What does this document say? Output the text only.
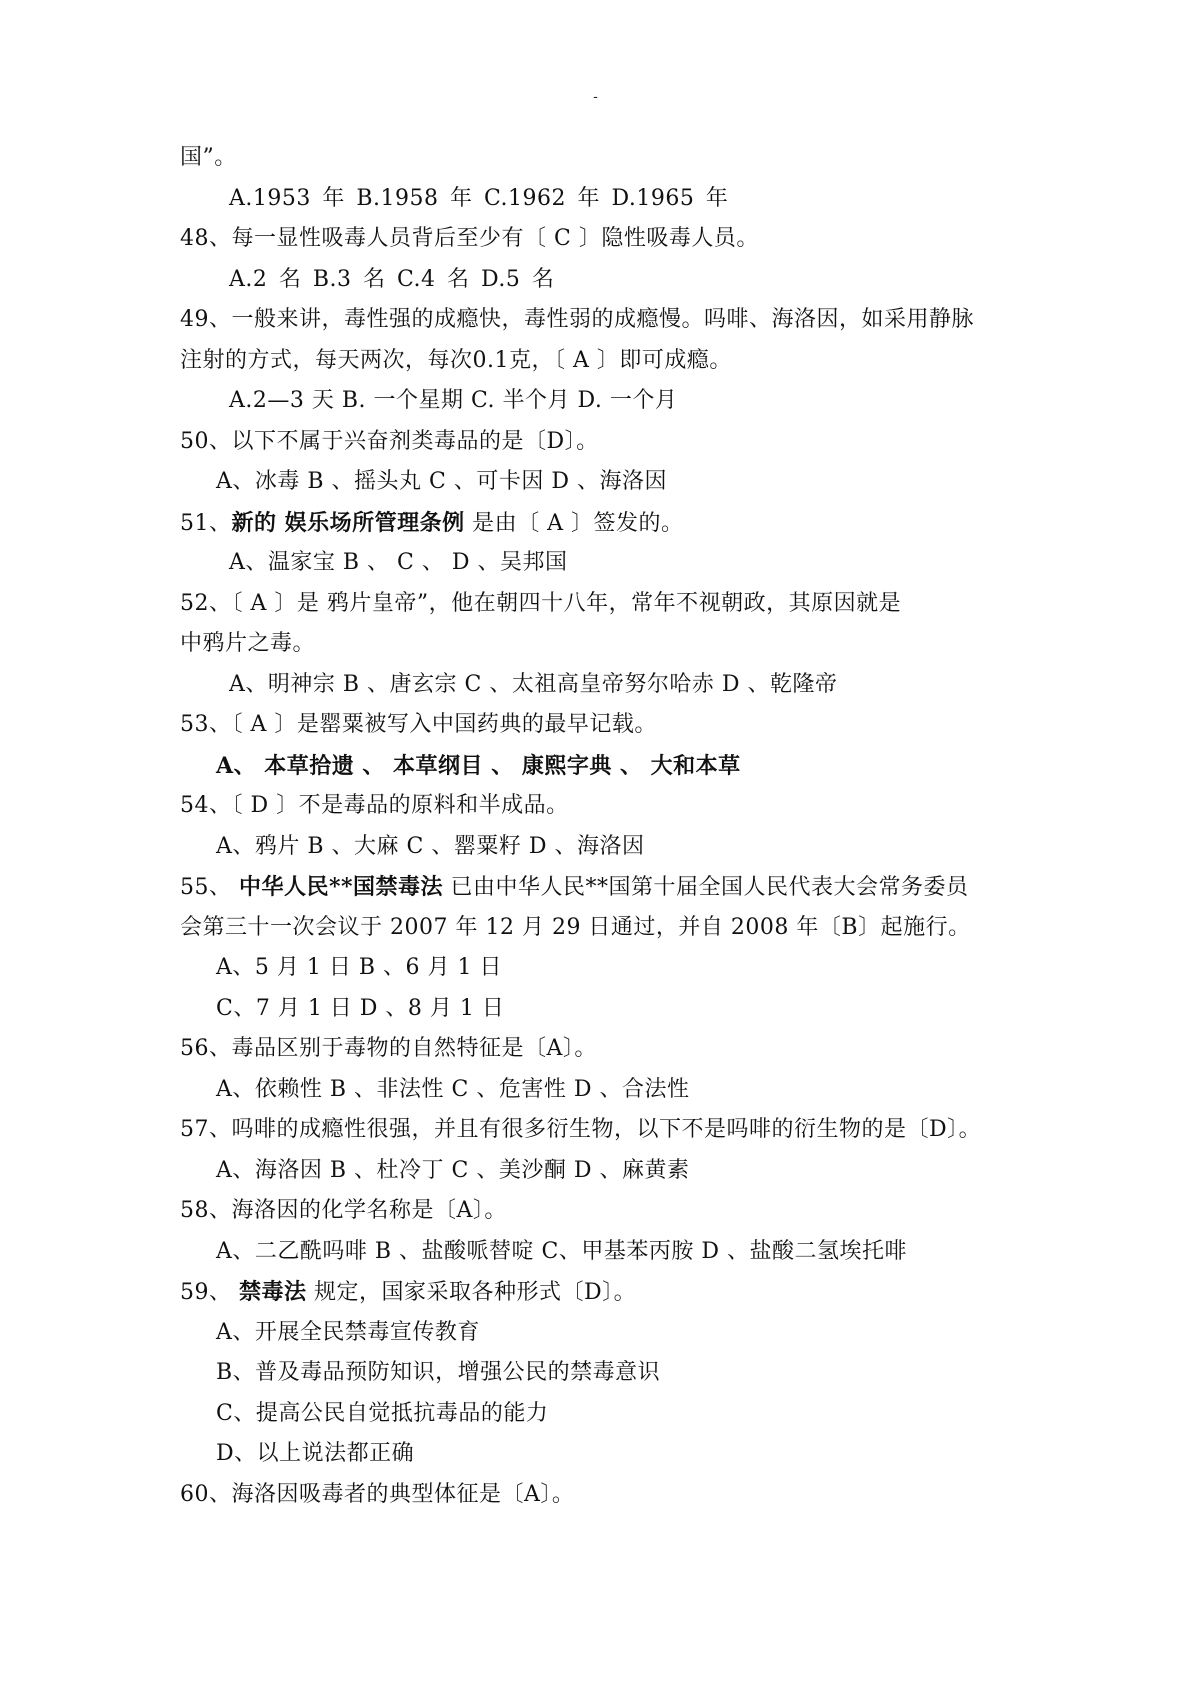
-
国”。
A.1953 年 B.1958 年 C.1962 年 D.1965 年
48、每一显性吸毒人员背后至少有〔 C 〕隐性吸毒人员。
A.2 名 B.3 名 C.4 名 D.5 名
49、一般来讲，毒性强的成瘾快，毒性弱的成瘾慢。吗啡、海洛因，如采用静脉
注射的方式，每天两次，每次0.1克，〔 A 〕即可成瘾。
A.2—3 天 B. 一个星期 C. 半个月 D. 一个月
50、以下不属于兴奋剂类毒品的是〔D〕。
A、冰毒 B 、摇头丸 C 、可卡因 D 、海洛因
51、新的 娱乐场所管理条例 是由〔 A 〕签发的。
A、温家宝 B 、 C 、 D 、吴邦国
52、〔 A 〕是 鸦片皇帝”，他在朝四十八年，常年不视朝政，其原因就是
中鸦片之毒。
A、明神宗 B 、唐玄宗 C 、太祖高皇帝努尔哈赤 D 、乾隆帝
53、〔 A 〕是罂粟被写入中国药典的最早记载。
A、 本草拾遗 、 本草纲目 、 康熙字典 、 大和本草
54、〔 D 〕不是毒品的原料和半成品。
A、鸦片 B 、大麻 C 、罂粟籽 D 、海洛因
55、 中华人民**国禁毒法 已由中华人民**国第十届全国人民代表大会常务委员
会第三十一次会议于 2007 年 12 月 29 日通过，并自 2008 年〔B〕起施行。
A、5 月 1 日 B 、6 月 1 日
C、7 月 1 日 D 、8 月 1 日
56、毒品区别于毒物的自然特征是〔A〕。
A、依赖性 B 、非法性 C 、危害性 D 、合法性
57、吗啡的成瘾性很强，并且有很多衍生物，以下不是吗啡的衍生物的是〔D〕。
A、海洛因 B 、杜冷丁 C 、美沙酮 D 、麻黄素
58、海洛因的化学名称是〔A〕。
A、二乙酰吗啡 B 、盐酸哌替啶 C、甲基苯丙胺 D 、盐酸二氢埃托啡
59、 禁毒法 规定，国家采取各种形式〔D〕。
A、开展全民禁毒宣传教育
B、普及毒品预防知识，增强公民的禁毒意识
C、提高公民自觉抵抗毒品的能力
D、以上说法都正确
60、海洛因吸毒者的典型体征是〔A〕。
